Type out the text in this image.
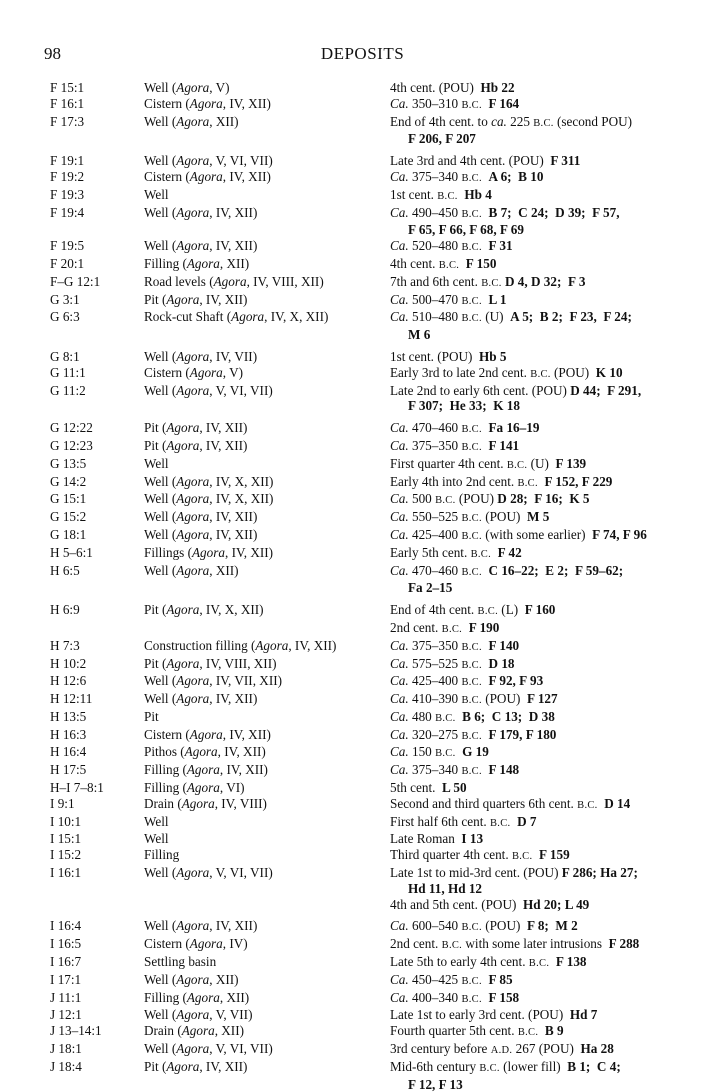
98	DEPOSITS
F 15:1	Well (Agora, V)	4th cent. (POU)  Hb 22
F 16:1	Cistern (Agora, IV, XII)	Ca. 350–310 B.C. F 164
F 17:3	Well (Agora, XII)	End of 4th cent. to ca. 225 B.C. (second POU)
F 206, F 207
F 19:1	Well (Agora, V, VI, VII)	Late 3rd and 4th cent. (POU)  F 311
F 19:2	Cistern (Agora, IV, XII)	Ca. 375–340 B.C. A 6;  B 10
F 19:3	Well	1st cent. B.C. Hb 4
F 19:4	Well (Agora, IV, XII)	Ca. 490–450 B.C. B 7;  C 24;  D 39;  F 57,
F 65, F 66, F 68, F 69
F 19:5	Well (Agora, IV, XII)	Ca. 520–480 B.C. F 31
F 20:1	Filling (Agora, XII)	4th cent. B.C. F 150
F–G 12:1	Road levels (Agora, IV, VIII, XII)	7th and 6th cent. B.C. D 4, D 32;  F 3
G 3:1	Pit (Agora, IV, XII)	Ca. 500–470 B.C. L 1
G 6:3	Rock-cut Shaft (Agora, IV, X, XII)	Ca. 510–480 B.C. (U)  A 5;  B 2;  F 23,  F 24;
M 6
G 8:1	Well (Agora, IV, VII)	1st cent. (POU)  Hb 5
G 11:1	Cistern (Agora, V)	Early 3rd to late 2nd cent. B.C. (POU)  K 10
G 11:2	Well (Agora, V, VI, VII)	Late 2nd to early 6th cent. (POU) D 44;  F 291,
F 307;  He 33;  K 18
G 12:22	Pit (Agora, IV, XII)	Ca. 470–460 B.C. Fa 16–19
G 12:23	Pit (Agora, IV, XII)	Ca. 375–350 B.C. F 141
G 13:5	Well	First quarter 4th cent. B.C. (U)  F 139
G 14:2	Well (Agora, IV, X, XII)	Early 4th into 2nd cent. B.C. F 152, F 229
G 15:1	Well (Agora, IV, X, XII)	Ca. 500 B.C. (POU) D 28;  F 16;  K 5
G 15:2	Well (Agora, IV, XII)	Ca. 550–525 B.C. (POU)  M 5
G 18:1	Well (Agora, IV, XII)	Ca. 425–400 B.C. (with some earlier)  F 74, F 96
H 5–6:1	Fillings (Agora, IV, XII)	Early 5th cent. B.C. F 42
H 6:5	Well (Agora, XII)	Ca. 470–460 B.C. C 16–22;  E 2;  F 59–62;
Fa 2–15
H 6:9	Pit (Agora, IV, X, XII)	End of 4th cent. B.C. (L)  F 160
2nd cent. B.C. F 190
H 7:3	Construction filling (Agora, IV, XII)	Ca. 375–350 B.C. F 140
H 10:2	Pit (Agora, IV, VIII, XII)	Ca. 575–525 B.C. D 18
H 12:6	Well (Agora, IV, VII, XII)	Ca. 425–400 B.C. F 92, F 93
H 12:11	Well (Agora, IV, XII)	Ca. 410–390 B.C. (POU)  F 127
H 13:5	Pit	Ca. 480 B.C. B 6;  C 13;  D 38
H 16:3	Cistern (Agora, IV, XII)	Ca. 320–275 B.C. F 179, F 180
H 16:4	Pithos (Agora, IV, XII)	Ca. 150 B.C. G 19
H 17:5	Filling (Agora, IV, XII)	Ca. 375–340 B.C. F 148
H–I 7–8:1	Filling (Agora, VI)	5th cent.  L 50
I 9:1	Drain (Agora, IV, VIII)	Second and third quarters 6th cent. B.C. D 14
I 10:1	Well	First half 6th cent. B.C. D 7
I 15:1	Well	Late Roman  I 13
I 15:2	Filling	Third quarter 4th cent. B.C. F 159
I 16:1	Well (Agora, V, VI, VII)	Late 1st to mid-3rd cent. (POU) F 286; Ha 27;
Hd 11, Hd 12
4th and 5th cent. (POU)  Hd 20; L 49
I 16:4	Well (Agora, IV, XII)	Ca. 600–540 B.C. (POU)  F 8;  M 2
I 16:5	Cistern (Agora, IV)	2nd cent. B.C. with some later intrusions  F 288
I 16:7	Settling basin	Late 5th to early 4th cent. B.C. F 138
I 17:1	Well (Agora, XII)	Ca. 450–425 B.C. F 85
J 11:1	Filling (Agora, XII)	Ca. 400–340 B.C. F 158
J 12:1	Well (Agora, V, VII)	Late 1st to early 3rd cent. (POU)  Hd 7
J 13–14:1	Drain (Agora, XII)	Fourth quarter 5th cent. B.C. B 9
J 18:1	Well (Agora, V, VI, VII)	3rd century before A.D. 267 (POU)  Ha 28
J 18:4	Pit (Agora, IV, XII)	Mid-6th century B.C. (lower fill)  B 1;  C 4;
F 12, F 13
